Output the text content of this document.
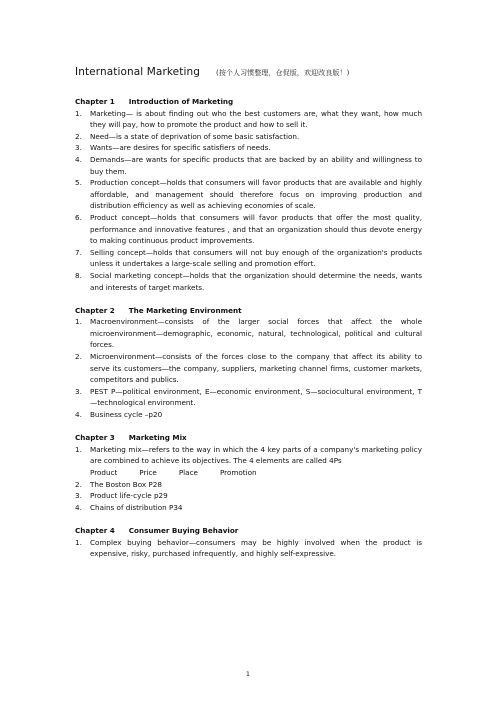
International Marketing (按个人习惯整理，仓促版，欢迎改良版！)
Chapter 1 Introduction of Marketing
1.	Marketing— is about finding out who the best customers are, what they want, how much they will pay, how to promote the product and how to sell it.
2.	Need—is a state of deprivation of some basic satisfaction.
3.	Wants—are desires for specific satisfiers of needs.
4.	Demands—are wants for specific products that are backed by an ability and willingness to buy them.
5.	Production concept—holds that consumers will favor products that are available and highly affordable, and management should therefore focus on improving production and distribution efficiency as well as achieving economies of scale.
6.	Product concept—holds that consumers will favor products that offer the most quality, performance and innovative features , and that an organization should thus devote energy to making continuous product improvements.
7.	Selling concept—holds that consumers will not buy enough of the organization's products unless it undertakes a large-scale selling and promotion effort.
8.	Social marketing concept—holds that the organization should determine the needs, wants and interests of target markets.
Chapter 2 The Marketing Environment
1.	Macroenvironment—consists of the larger social forces that affect the whole microenvironment—demographic, economic, natural, technological, political and cultural forces.
2.	Microenvironment—consists of the forces close to the company that affect its ability to serve its customers—the company, suppliers, marketing channel firms, customer markets, competitors and publics.
3.	PEST P—political environment, E—economic environment, S—sociocultural environment, T—technological environment.
4.	Business cycle –p20
Chapter 3 Marketing Mix
1.	Marketing mix—refers to the way in which the 4 key parts of a company's marketing policy are combined to achieve its objectives. The 4 elements are called 4Ps
Product	Price	Place	Promotion
2.	The Boston Box P28
3.	Product life-cycle p29
4.	Chains of distribution P34
Chapter 4 Consumer Buying Behavior
1.	Complex buying behavior—consumers may be highly involved when the product is expensive, risky, purchased infrequently, and highly self-expressive.
1
